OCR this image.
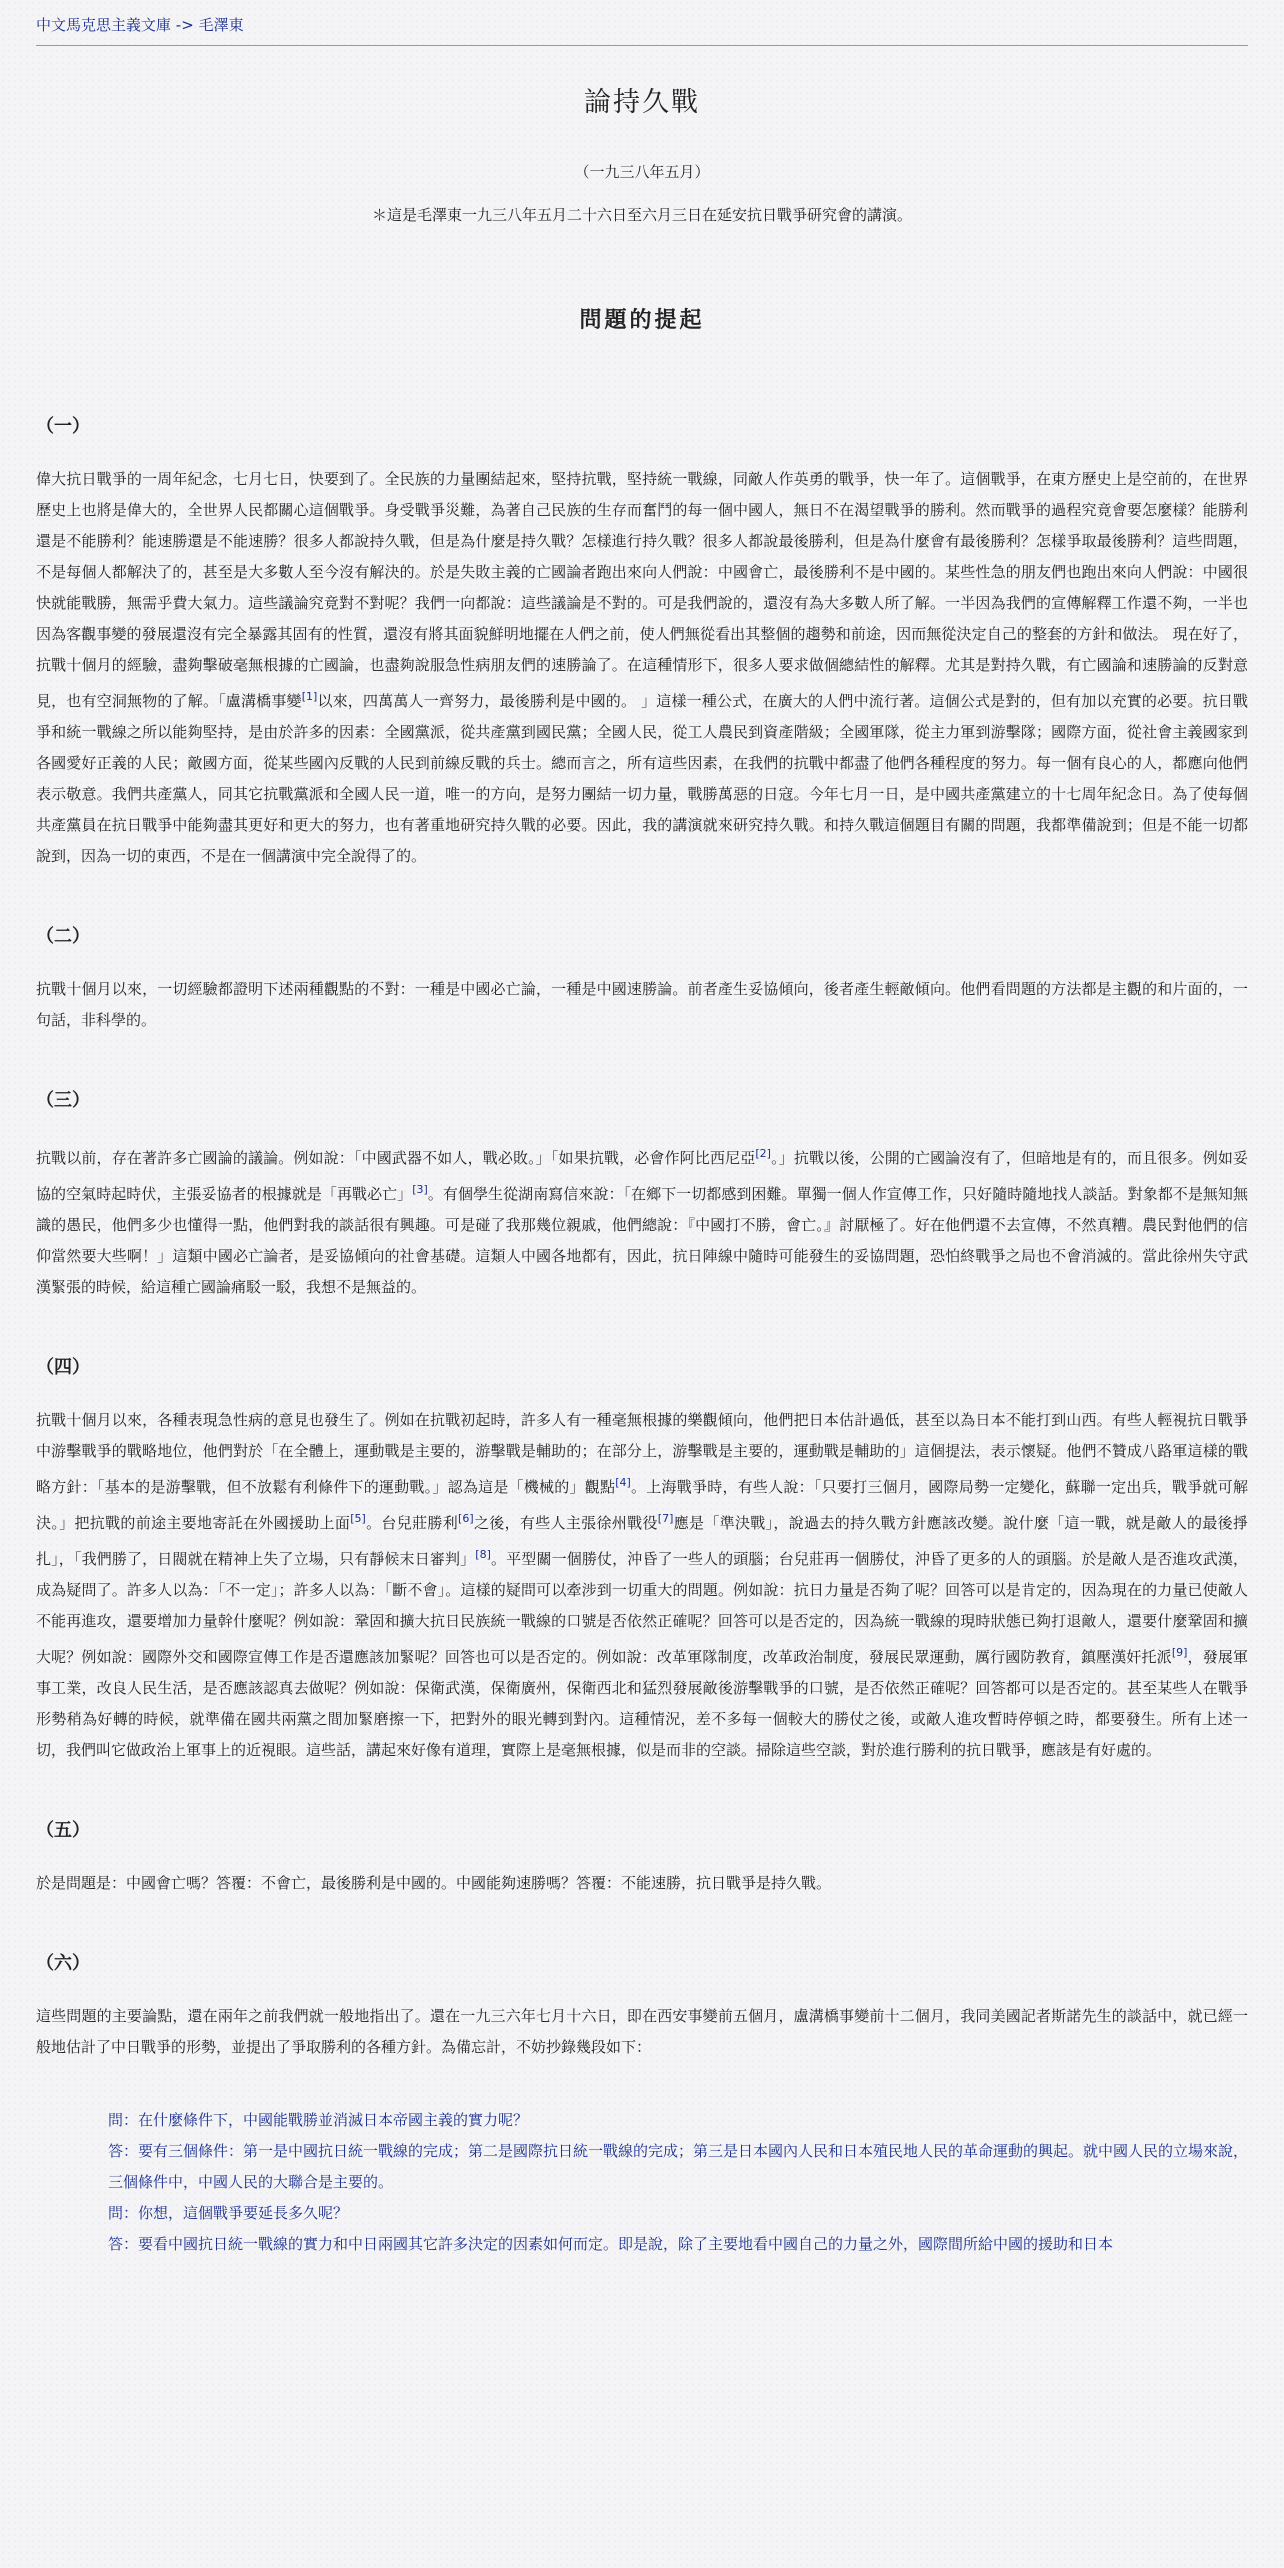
中文馬克思主義文庫 -> 毛澤東
論持久戰
（一九三八年五月）
＊這是毛澤東一九三八年五月二十六日至六月三日在延安抗日戰爭研究會的講演。
問題的提起
（一）

偉大抗日戰爭的一周年紀念，七月七日，快要到了。全民族的力量團結起來，堅持抗戰，堅持統一戰線，同敵人作英勇的戰爭，快一年了。這個戰爭，在東方歷史上是空前的，在世界歷史上也將是偉大的，全世界人民都關心這個戰爭。身受戰爭災難，為著自己民族的生存而奮鬥的每一個中國人，無日不在渴望戰爭的勝利。然而戰爭的過程究竟會要怎麼樣？能勝利還是不能勝利？能速勝還是不能速勝？很多人都說持久戰，但是為什麼是持久戰？怎樣進行持久戰？很多人都說最後勝利，但是為什麼會有最後勝利？怎樣爭取最後勝利？這些問題，不是每個人都解決了的，甚至是大多數人至今沒有解決的。於是失敗主義的亡國論者跑出來向人們說：中國會亡，最後勝利不是中國的。某些性急的朋友們也跑出來向人們說：中國很快就能戰勝，無需乎費大氣力。這些議論究竟對不對呢？我們一向都說：這些議論是不對的。可是我們說的，還沒有為大多數人所了解。一半因為我們的宣傳解釋工作還不夠，一半也因為客觀事變的發展還沒有完全暴露其固有的性質，還沒有將其面貌鮮明地擺在人們之前，使人們無從看出其整個的趨勢和前途，因而無從決定自己的整套的方針和做法。 現在好了，抗戰十個月的經驗，盡夠擊破毫無根據的亡國論，也盡夠說服急性病朋友們的速勝論了。在這種情形下，很多人要求做個總結性的解釋。尤其是對持久戰，有亡國論和速勝論的反對意見，也有空洞無物的了解。「盧溝橋事變[1]以來，四萬萬人一齊努力，最後勝利是中國的。 」這樣一種公式，在廣大的人們中流行著。這個公式是對的，但有加以充實的必要。抗日戰爭和統一戰線之所以能夠堅持，是由於許多的因素：全國黨派，從共產黨到國民黨；全國人民，從工人農民到資產階級；全國軍隊，從主力軍到游擊隊；國際方面，從社會主義國家到各國愛好正義的人民；敵國方面，從某些國內反戰的人民到前線反戰的兵士。總而言之，所有這些因素，在我們的抗戰中都盡了他們各種程度的努力。每一個有良心的人，都應向他們表示敬意。我們共產黨人，同其它抗戰黨派和全國人民一道，唯一的方向，是努力團結一切力量，戰勝萬惡的日寇。今年七月一日，是中國共產黨建立的十七周年紀念日。為了使每個共產黨員在抗日戰爭中能夠盡其更好和更大的努力，也有著重地研究持久戰的必要。因此，我的講演就來研究持久戰。和持久戰這個題目有關的問題，我都準備說到；但是不能一切都說到，因為一切的東西，不是在一個講演中完全說得了的。

（二）

抗戰十個月以來，一切經驗都證明下述兩種觀點的不對：一種是中國必亡論，一種是中國速勝論。前者產生妥協傾向，後者產生輕敵傾向。他們看問題的方法都是主觀的和片面的，一句話，非科學的。

（三）

抗戰以前，存在著許多亡國論的議論。例如說：「中國武器不如人，戰必敗。」「如果抗戰，必會作阿比西尼亞[2]。」抗戰以後，公開的亡國論沒有了，但暗地是有的，而且很多。例如妥協的空氣時起時伏，主張妥協者的根據就是「再戰必亡」[3]。有個學生從湖南寫信來說：「在鄉下一切都感到困難。單獨一個人作宣傳工作，只好隨時隨地找人談話。對象都不是無知無識的愚民，他們多少也懂得一點，他們對我的談話很有興趣。可是碰了我那幾位親戚，他們總說：『中國打不勝，會亡。』討厭極了。好在他們還不去宣傳，不然真糟。農民對他們的信仰當然要大些啊！」這類中國必亡論者，是妥協傾向的社會基礎。這類人中國各地都有，因此，抗日陣線中隨時可能發生的妥協問題，恐怕終戰爭之局也不會消滅的。當此徐州失守武漢緊張的時候，給這種亡國論痛駁一駁，我想不是無益的。

（四）

抗戰十個月以來，各種表現急性病的意見也發生了。例如在抗戰初起時，許多人有一種毫無根據的樂觀傾向，他們把日本估計過低，甚至以為日本不能打到山西。有些人輕視抗日戰爭中游擊戰爭的戰略地位，他們對於「在全體上，運動戰是主要的，游擊戰是輔助的；在部分上，游擊戰是主要的，運動戰是輔助的」這個提法，表示懷疑。他們不贊成八路軍這樣的戰略方針：「基本的是游擊戰，但不放鬆有利條件下的運動戰。」認為這是「機械的」觀點[4]。上海戰爭時，有些人說：「只要打三個月，國際局勢一定變化，蘇聯一定出兵，戰爭就可解決。」把抗戰的前途主要地寄託在外國援助上面[5]。台兒莊勝利[6]之後，有些人主張徐州戰役[7]應是「準決戰」，說過去的持久戰方針應該改變。說什麼「這一戰，就是敵人的最後掙扎」，「我們勝了，日閥就在精神上失了立場，只有靜候末日審判」[8]。平型關一個勝仗，沖昏了一些人的頭腦；台兒莊再一個勝仗，沖昏了更多的人的頭腦。於是敵人是否進攻武漢，成為疑問了。許多人以為：「不一定」；許多人以為：「斷不會」。這樣的疑問可以牽涉到一切重大的問題。例如說：抗日力量是否夠了呢？回答可以是肯定的，因為現在的力量已使敵人不能再進攻，還要增加力量幹什麼呢？例如說：鞏固和擴大抗日民族統一戰線的口號是否依然正確呢？回答可以是否定的，因為統一戰線的現時狀態已夠打退敵人，還要什麼鞏固和擴大呢？例如說：國際外交和國際宣傳工作是否還應該加緊呢？回答也可以是否定的。例如說：改革軍隊制度，改革政治制度，發展民眾運動，厲行國防教育，鎮壓漢奸托派[9]，發展軍事工業，改良人民生活，是否應該認真去做呢？例如說：保衛武漢，保衛廣州，保衛西北和猛烈發展敵後游擊戰爭的口號，是否依然正確呢？回答都可以是否定的。甚至某些人在戰爭形勢稍為好轉的時候，就準備在國共兩黨之間加緊磨擦一下，把對外的眼光轉到對內。這種情況，差不多每一個較大的勝仗之後，或敵人進攻暫時停頓之時，都要發生。所有上述一切，我們叫它做政治上軍事上的近視眼。這些話，講起來好像有道理，實際上是毫無根據，似是而非的空談。掃除這些空談，對於進行勝利的抗日戰爭，應該是有好處的。

（五）

於是問題是：中國會亡嗎？答覆：不會亡，最後勝利是中國的。中國能夠速勝嗎？答覆：不能速勝，抗日戰爭是持久戰。

（六）

這些問題的主要論點，還在兩年之前我們就一般地指出了。還在一九三六年七月十六日，即在西安事變前五個月，盧溝橋事變前十二個月，我同美國記者斯諾先生的談話中，就已經一般地估計了中日戰爭的形勢，並提出了爭取勝利的各種方針。為備忘計，不妨抄錄幾段如下：

問：在什麼條件下，中國能戰勝並消滅日本帝國主義的實力呢？

答：要有三個條件：第一是中國抗日統一戰線的完成；第二是國際抗日統一戰線的完成；第三是日本國內人民和日本殖民地人民的革命運動的興起。就中國人民的立場來說，三個條件中，中國人民的大聯合是主要的。

問：你想，這個戰爭要延長多久呢？

答：要看中國抗日統一戰線的實力和中日兩國其它許多決定的因素如何而定。即是說，除了主要地看中國自己的力量之外，國際間所給中國的援助和日本
